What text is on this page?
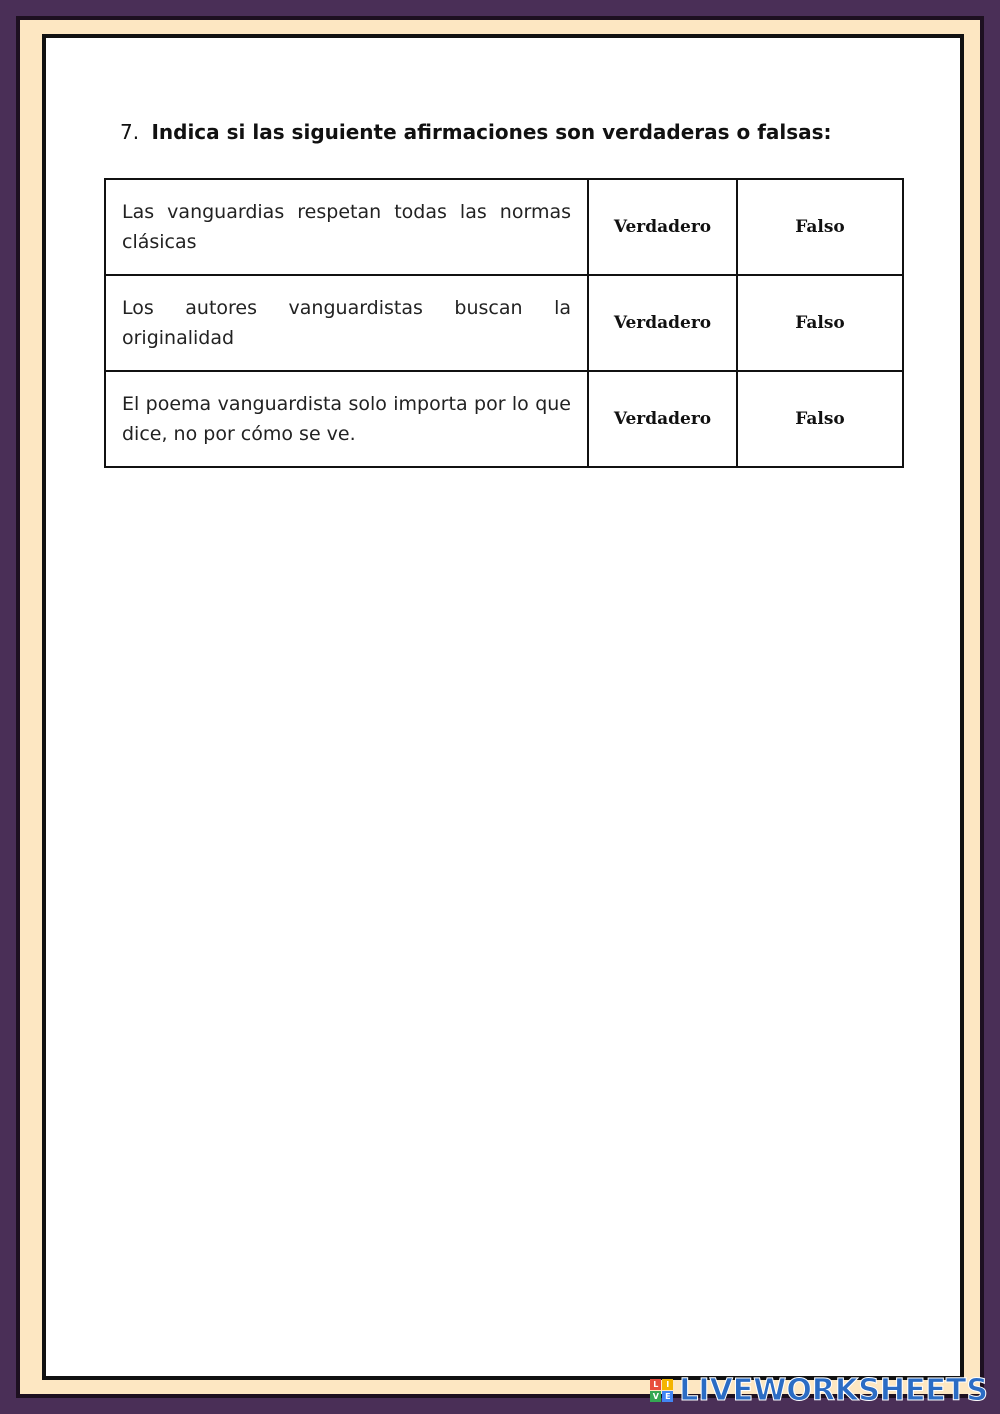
7. Indica si las siguiente afirmaciones son verdaderas o falsas:
Las vanguardias respetan todas las normas clásicas	Verdadero	Falso
Los autores vanguardistas buscan la originalidad	Verdadero	Falso
El poema vanguardista solo importa por lo que dice, no por cómo se ve.	Verdadero	Falso
L I
V E LIVEWORKSHEETS
